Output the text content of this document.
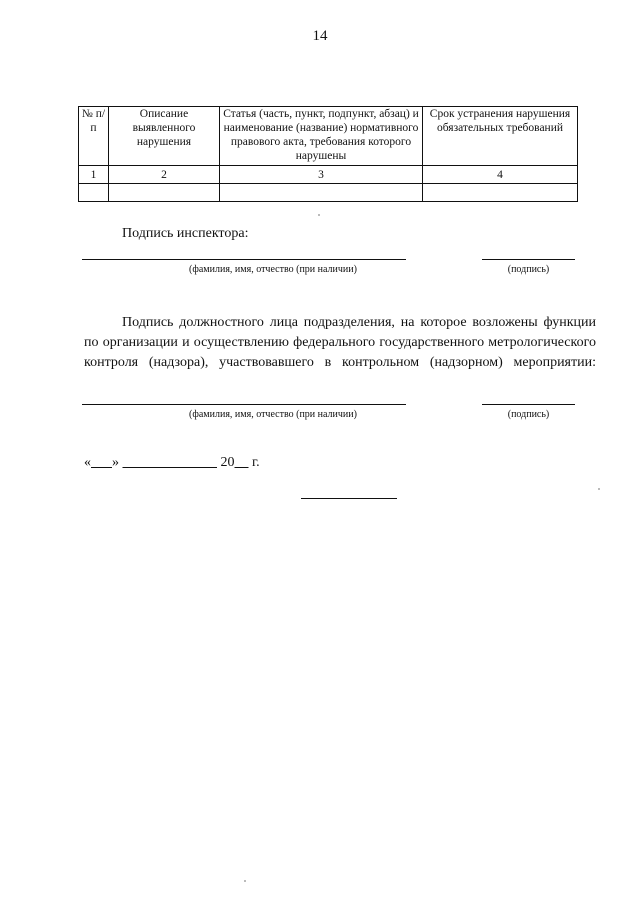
14
№ п/п	Описание выявленного нарушения	Статья (часть, пункт, подпункт, абзац) и наименование (название) нормативного правового акта, требования которого нарушены	Срок устранения нарушения обязательных требований
1	2	3	4

Подпись инспектора:
(фамилия, имя, отчество (при наличии)	(подпись)
Подпись должностного лица подразделения, на которое возложены функции по организации и осуществлению федерального государственного метрологического контроля (надзора), участвовавшего в контрольном (надзорном) мероприятии:
(фамилия, имя, отчество (при наличии)	(подпись)
« »	20 г.
